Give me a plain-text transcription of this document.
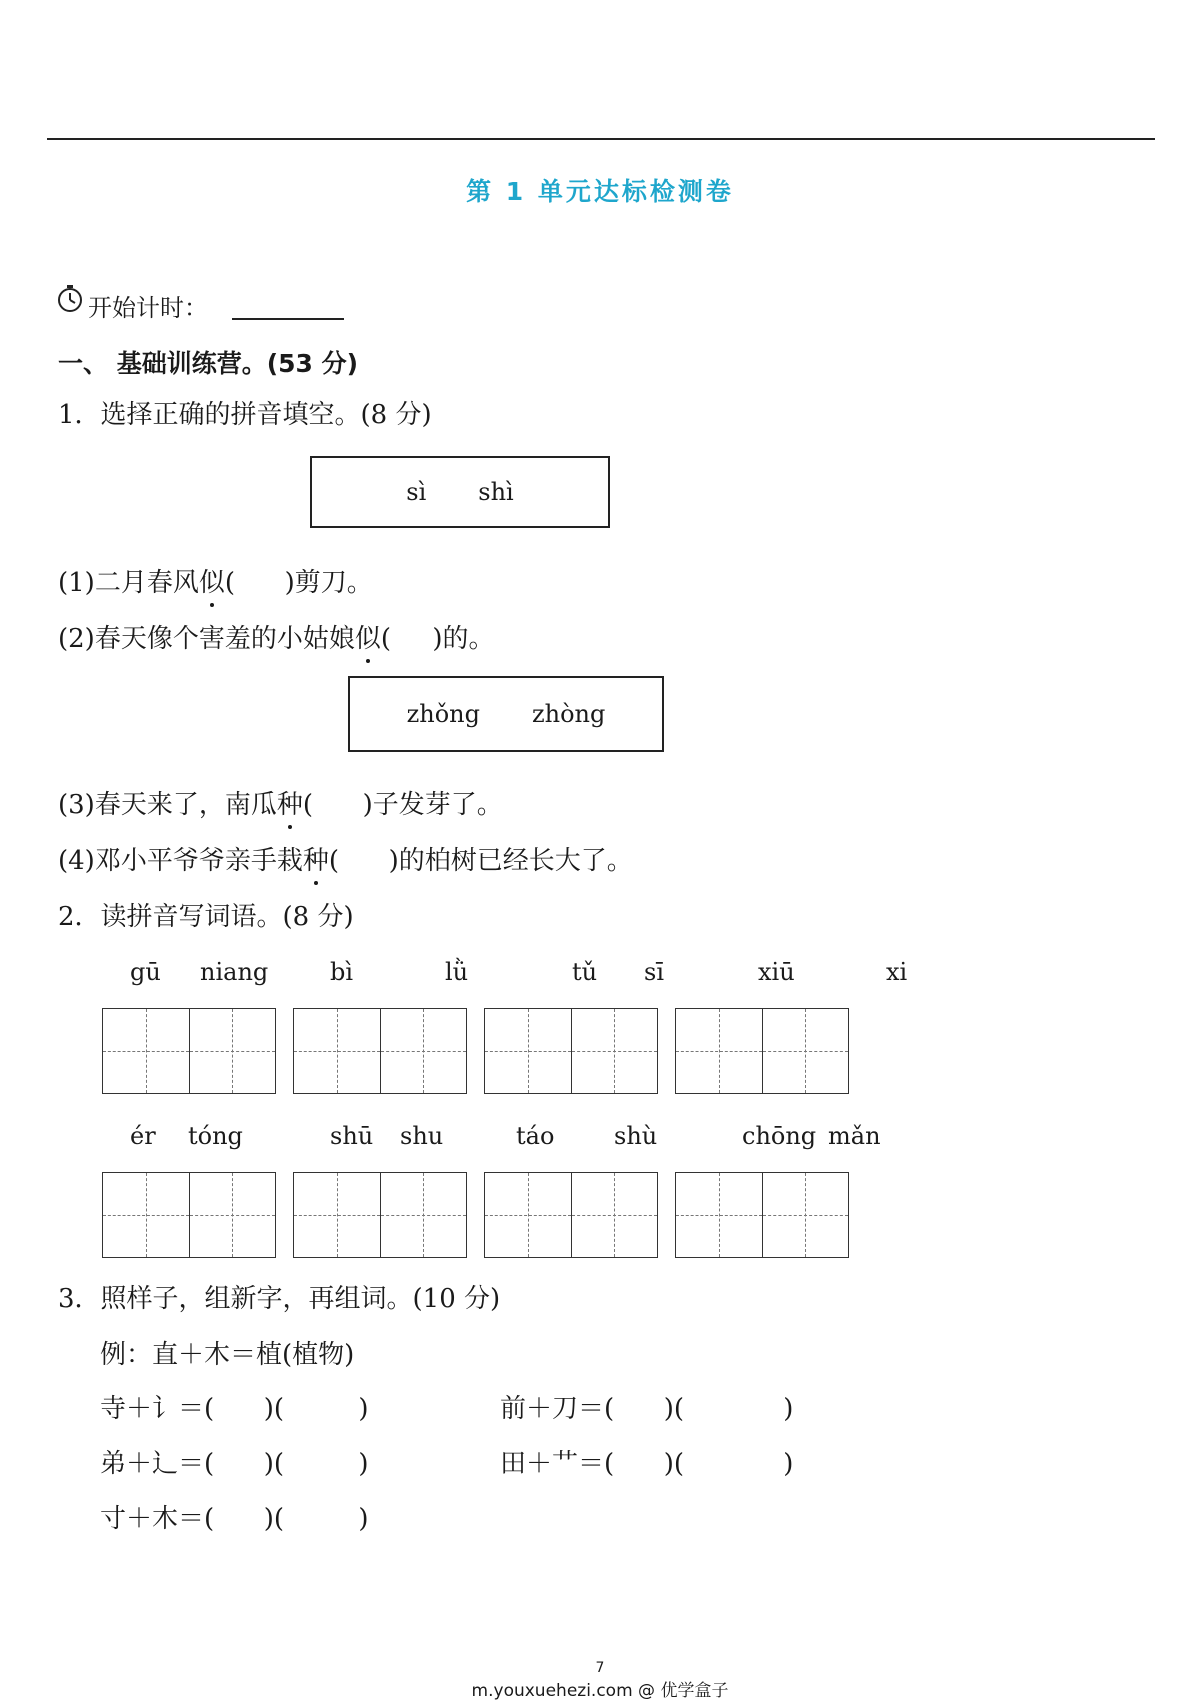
第 1 单元达标检测卷
开始计时：
一、 基础训练营。(53 分)
1．选择正确的拼音填空。(8 分)
sì shì
(1)二月春风似(      )剪刀。
(2)春天像个害羞的小姑娘似(     )的。
zhǒng zhòng
(3)春天来了，南瓜种(      )子发芽了。
(4)邓小平爷爷亲手栽种(      )的柏树已经长大了。
2．读拼音写词语。(8 分)
gū niang	bì	lǜ	tǔ sī	xiū	xi
ér tóng	shū shu	táo shù	chōng mǎn
3．照样子，组新字，再组词。(10 分)
例：直＋木＝植(植物)
寺＋讠＝(      )(         )	前＋刀＝(      )(            )
弟＋辶＝(      )(         )	田＋艹＝(      )(            )
寸＋木＝(      )(         )
7
m.youxuehezi.com @ 优学盒子
